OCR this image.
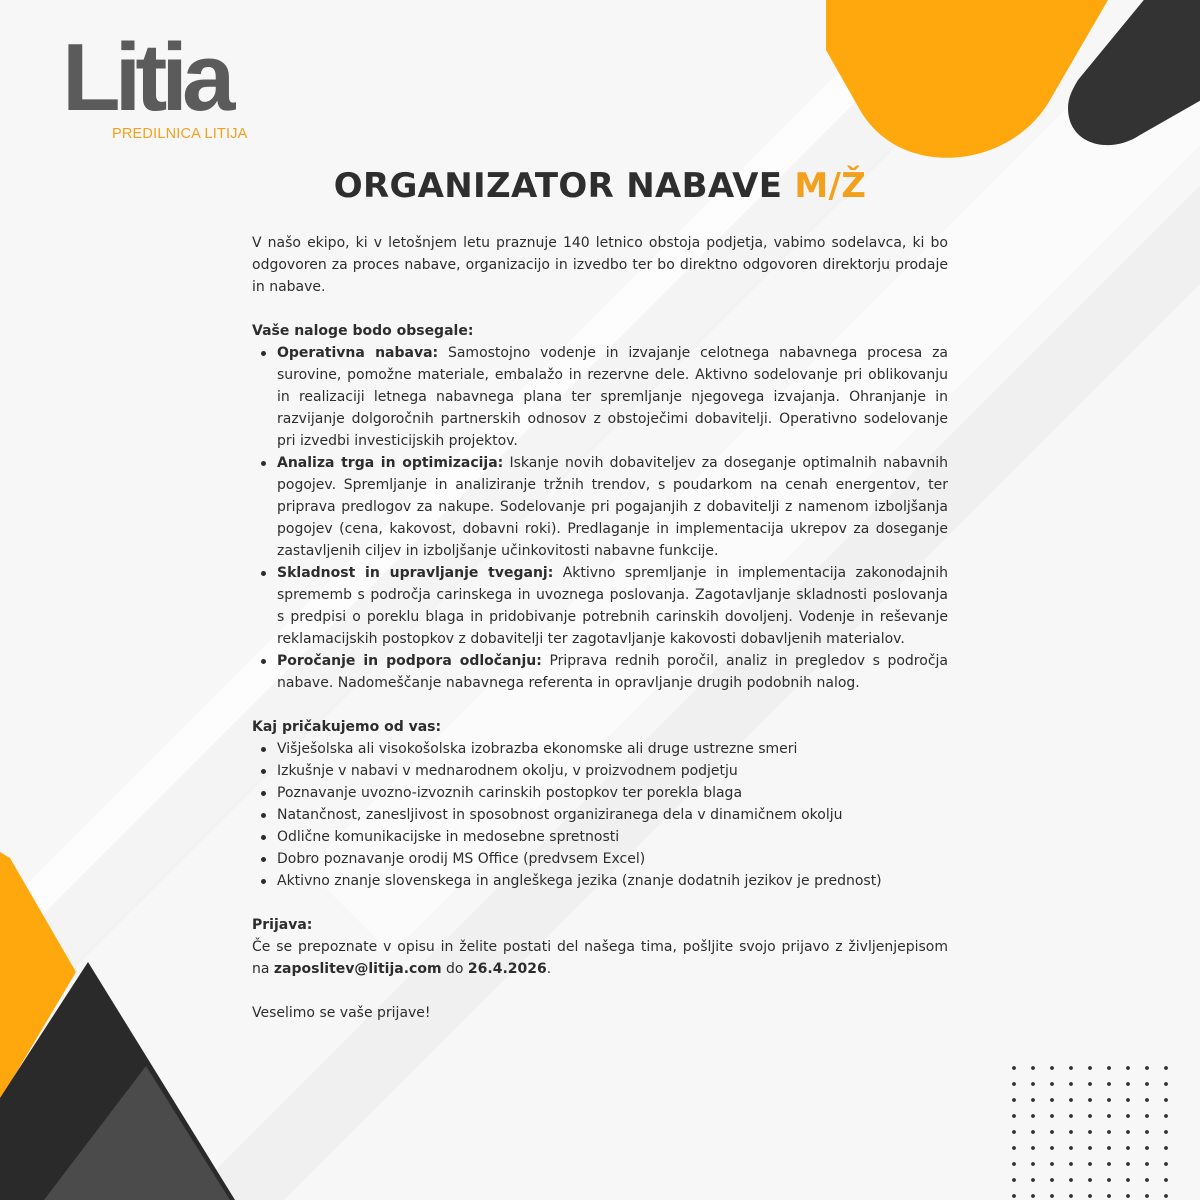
Litia
PREDILNICA LITIJA
ORGANIZATOR NABAVE M/Ž

V našo ekipo, ki v letošnjem letu praznuje 140 letnico obstoja podjetja, vabimo sodelavca, ki bo odgovoren za proces nabave, organizacijo in izvedbo ter bo direktno odgovoren direktorju prodaje in nabave.

Vaše naloge bodo obsegale:

Operativna nabava: Samostojno vodenje in izvajanje celotnega nabavnega procesa za surovine, pomožne materiale, embalažo in rezervne dele. Aktivno sodelovanje pri oblikovanju in realizaciji letnega nabavnega plana ter spremljanje njegovega izvajanja. Ohranjanje in razvijanje dolgoročnih partnerskih odnosov z obstoječimi dobavitelji. Operativno sodelovanje pri izvedbi investicijskih projektov.
Analiza trga in optimizacija: Iskanje novih dobaviteljev za doseganje optimalnih nabavnih pogojev. Spremljanje in analiziranje tržnih trendov, s poudarkom na cenah energentov, ter priprava predlogov za nakupe. Sodelovanje pri pogajanjih z dobavitelji z namenom izboljšanja pogojev (cena, kakovost, dobavni roki). Predlaganje in implementacija ukrepov za doseganje zastavljenih ciljev in izboljšanje učinkovitosti nabavne funkcije.
Skladnost in upravljanje tveganj: Aktivno spremljanje in implementacija zakonodajnih sprememb s področja carinskega in uvoznega poslovanja. Zagotavljanje skladnosti poslovanja s predpisi o poreklu blaga in pridobivanje potrebnih carinskih dovoljenj. Vodenje in reševanje reklamacijskih postopkov z dobavitelji ter zagotavljanje kakovosti dobavljenih materialov.
Poročanje in podpora odločanju: Priprava rednih poročil, analiz in pregledov s področja nabave. Nadomeščanje nabavnega referenta in opravljanje drugih podobnih nalog.

Kaj pričakujemo od vas:

Višješolska ali visokošolska izobrazba ekonomske ali druge ustrezne smeri
Izkušnje v nabavi v mednarodnem okolju, v proizvodnem podjetju
Poznavanje uvozno-izvoznih carinskih postopkov ter porekla blaga
Natančnost, zanesljivost in sposobnost organiziranega dela v dinamičnem okolju
Odlične komunikacijske in medosebne spretnosti
Dobro poznavanje orodij MS Office (predvsem Excel)
Aktivno znanje slovenskega in angleškega jezika (znanje dodatnih jezikov je prednost)

Prijava:

Če se prepoznate v opisu in želite postati del našega tima, pošljite svojo prijavo z življenjepisom na zaposlitev@litija.com do 26.4.2026.

Veselimo se vaše prijave!
